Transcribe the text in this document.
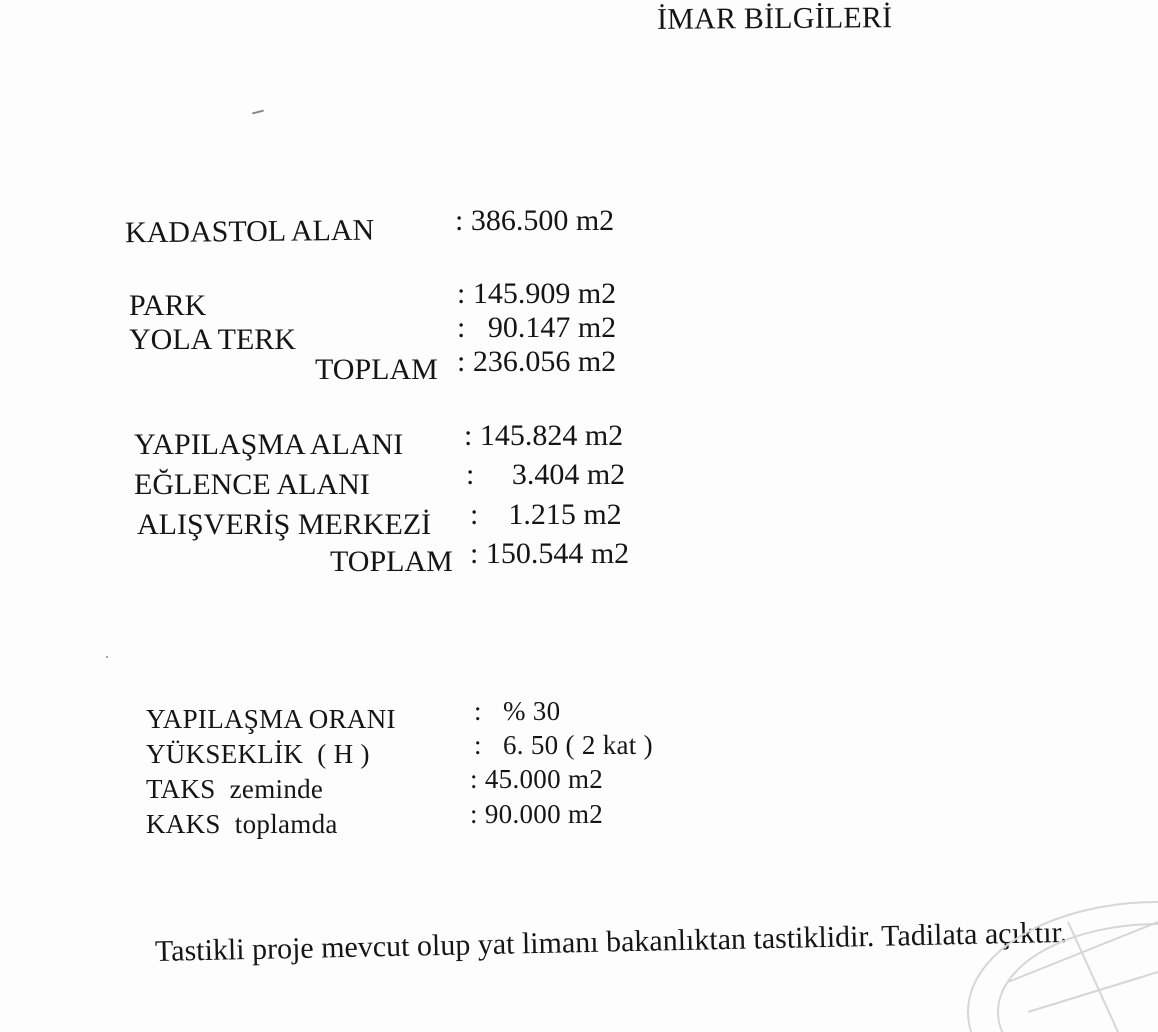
İMAR BİLGİLERİ
KADASTOL ALAN	: 386.500 m2
PARK	: 145.909 m2
YOLA TERK	:   90.147 m2
TOPLAM : 236.056 m2
YAPILAŞMA ALANI : 145.824 m2
EĞLENCE ALANI	:     3.404 m2
ALIŞVERİŞ MERKEZİ :    1.215 m2
TOPLAM : 150.544 m2
YAPILAŞMA ORANI	:   % 30
YÜKSEKLİK  ( H )	:   6. 50 ( 2 kat )
TAKS  zeminde	: 45.000 m2
KAKS  toplamda	: 90.000 m2
Tastikli proje mevcut olup yat limanı bakanlıktan tastiklidir. Tadilata açıktır.
